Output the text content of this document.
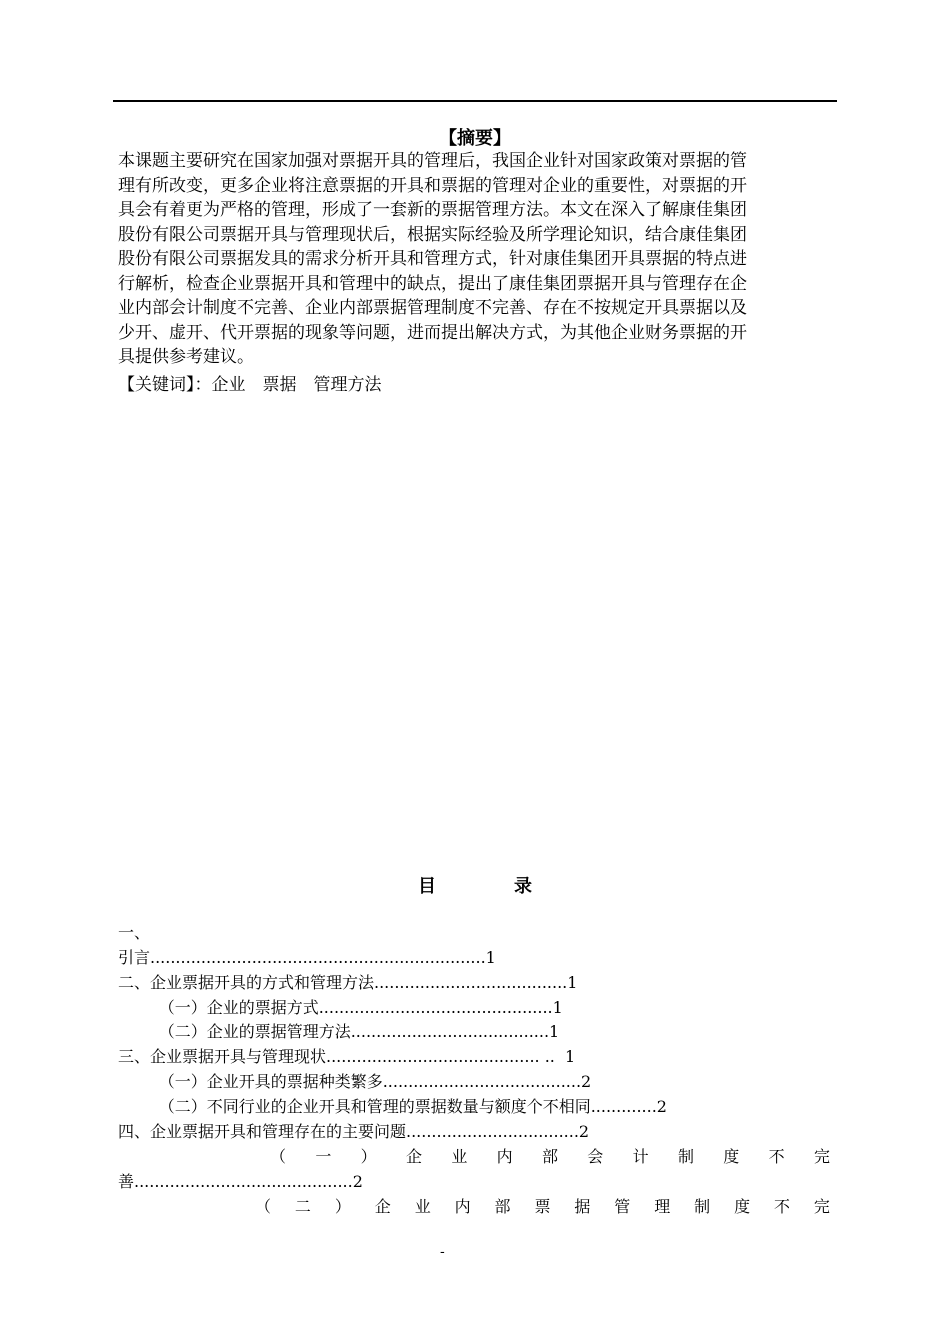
【摘要】

本课题主要研究在国家加强对票据开具的管理后，我国企业针对国家政策对票据的管

理有所改变，更多企业将注意票据的开具和票据的管理对企业的重要性，对票据的开

具会有着更为严格的管理，形成了一套新的票据管理方法。本文在深入了解康佳集团

股份有限公司票据开具与管理现状后，根据实际经验及所学理论知识，结合康佳集团

股份有限公司票据发具的需求分析开具和管理方式，针对康佳集团开具票据的特点进

行解析，检查企业票据开具和管理中的缺点，提出了康佳集团票据开具与管理存在企

业内部会计制度不完善、企业内部票据管理制度不完善、存在不按规定开具票据以及

少开、虚开、代开票据的现象等问题，进而提出解决方式，为其他企业财务票据的开

具提供参考建议。

【关键词】：企业　票据　管理方法
目	录
一、
引言..................................................................1
二、企业票据开具的方式和管理方法......................................1
（一）企业的票据方式..............................................1
（二）企业的票据管理方法.......................................1
三、企业票据开具与管理现状.......................................... ..  1
（一）企业开具的票据种类繁多.......................................2
（二）不同行业的企业开具和管理的票据数量与额度个不相同.............2
四、企业票据开具和管理存在的主要问题..................................2
（ 一 ） 企 业 内 部 会 计 制 度 不 完
善...........................................2
（ 二 ） 企 业 内 部 票 据 管 理 制 度 不 完
-
